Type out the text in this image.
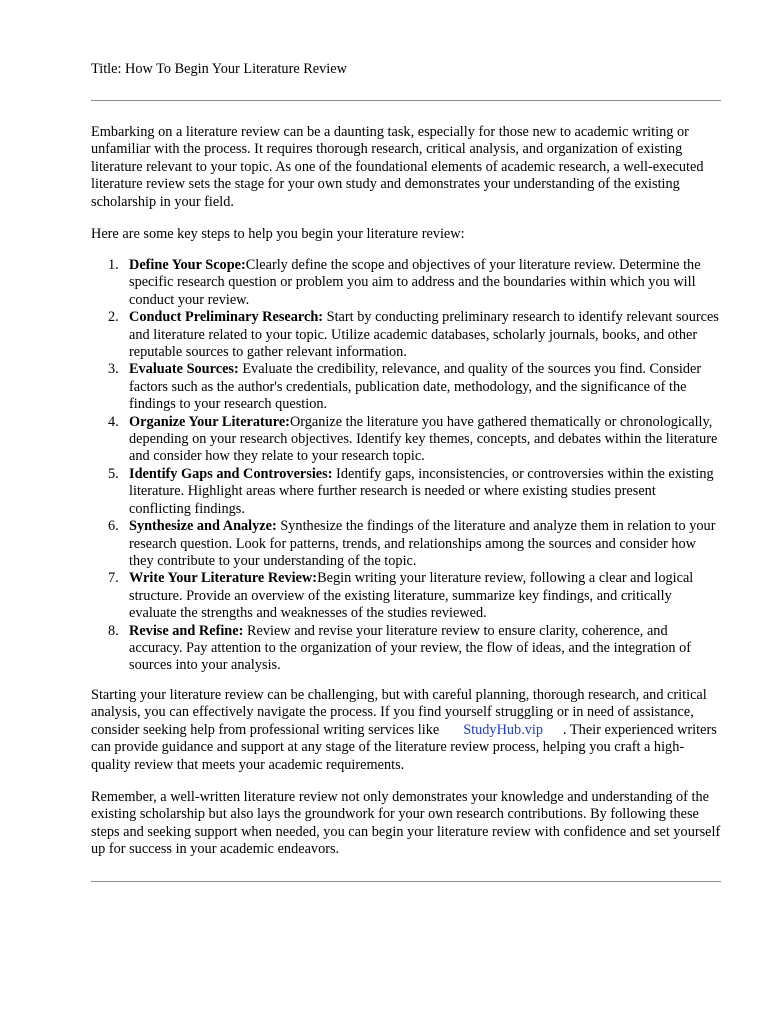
Title: How To Begin Your Literature Review

Embarking on a literature review can be a daunting task, especially for those new to academic writing or unfamiliar with the process. It requires thorough research, critical analysis, and organization of existing literature relevant to your topic. As one of the foundational elements of academic research, a well-executed literature review sets the stage for your own study and demonstrates your understanding of the existing scholarship in your field.

Here are some key steps to help you begin your literature review:

1. Define Your Scope:Clearly define the scope and objectives of your literature review. Determine the specific research question or problem you aim to address and the boundaries within which you will conduct your review.
2. Conduct Preliminary Research: Start by conducting preliminary research to identify relevant sources and literature related to your topic. Utilize academic databases, scholarly journals, books, and other reputable sources to gather relevant information.
3. Evaluate Sources: Evaluate the credibility, relevance, and quality of the sources you find. Consider factors such as the author's credentials, publication date, methodology, and the significance of the findings to your research question.
4. Organize Your Literature:Organize the literature you have gathered thematically or chronologically, depending on your research objectives. Identify key themes, concepts, and debates within the literature and consider how they relate to your research topic.
5. Identify Gaps and Controversies: Identify gaps, inconsistencies, or controversies within the existing literature. Highlight areas where further research is needed or where existing studies present conflicting findings.
6. Synthesize and Analyze: Synthesize the findings of the literature and analyze them in relation to your research question. Look for patterns, trends, and relationships among the sources and consider how they contribute to your understanding of the topic.
7. Write Your Literature Review:Begin writing your literature review, following a clear and logical structure. Provide an overview of the existing literature, summarize key findings, and critically evaluate the strengths and weaknesses of the studies reviewed.
8. Revise and Refine: Review and revise your literature review to ensure clarity, coherence, and accuracy. Pay attention to the organization of your review, the flow of ideas, and the integration of sources into your analysis.

Starting your literature review can be challenging, but with careful planning, thorough research, and critical analysis, you can effectively navigate the process. If you find yourself struggling or in need of assistance, consider seeking help from professional writing services like StudyHub.vip . Their experienced writers can provide guidance and support at any stage of the literature review process, helping you craft a high-quality review that meets your academic requirements.

Remember, a well-written literature review not only demonstrates your knowledge and understanding of the existing scholarship but also lays the groundwork for your own research contributions. By following these steps and seeking support when needed, you can begin your literature review with confidence and set yourself up for success in your academic endeavors.
